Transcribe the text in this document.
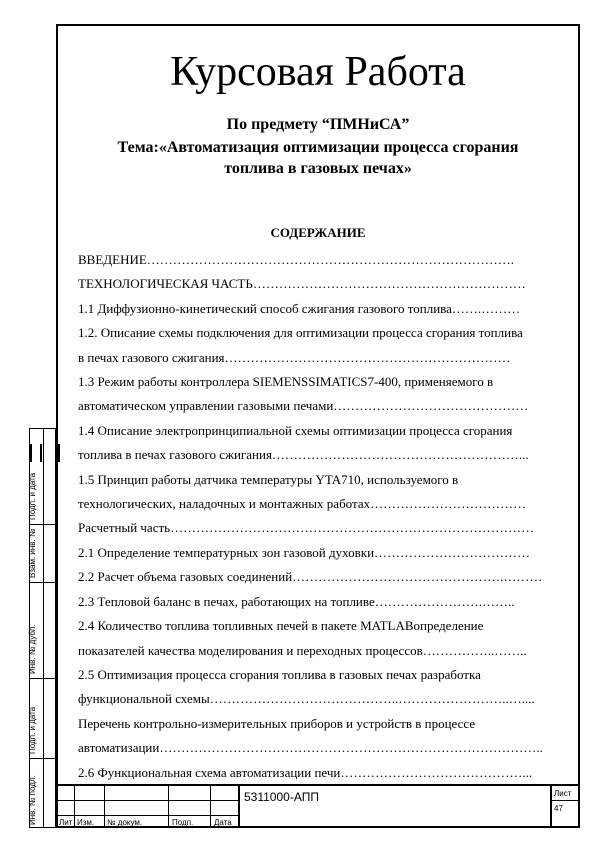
Подп. и дата
Взам. инв. №
Инв. № дубл.
Подп. и дата
Инв. № подл.
Курсовая Работа
По предмету “ПМНиСА”
Тема:«Автоматизация оптимизации процесса сгорания
топлива в газовых печах»
СОДЕРЖАНИЕ
ВВЕДЕНИЕ………………………………………………………………………….
ТЕХНОЛОГИЧЕСКАЯ ЧАСТЬ………………………………………………………
1.1 Диффузионно-кинетический способ сжигания газового топлива…….………
1.2. Описание схемы подключения для оптимизации процесса сгорания топлива
в печах газового сжигания…………………………………………………………
1.3 Режим работы контроллера SIEMENSSIMATICS7-400, применяемого в
автоматическом управлении газовыми печами………………………………………
1.4 Описание электропринципиальной схемы оптимизации процесса сгорания
топлива в печах газового сжигания…………………………………………………...
1.5 Принцип работы датчика температуры YTA710, используемого в
технологических, наладочных и монтажных работах………………………………
Расчетный часть…………………………………………………………………………
2.1 Определение температурных зон газовой духовки………………………………
2.2 Расчет объема газовых соединений………………………………………….………
2.3 Тепловой баланс в печах, работающих на топливе…………………….……..
2.4 Количество топлива топливных печей в пакете MATLABопределение
показателей качества моделирования и переходных процессов……………..……..
2.5 Оптимизация процесса сгорания топлива в газовых печах разработка
функциональной схемы……………………………………..……………………..…....
Перечень контрольно-измерительных приборов и устройств в процессе
автоматизации……………………………………………………………………………..
2.6 Функциональная схема автоматизации печи……………………………………...
5311000-АПП	Лист
47
Лит Изм. № докум.	Подп.	Дата
